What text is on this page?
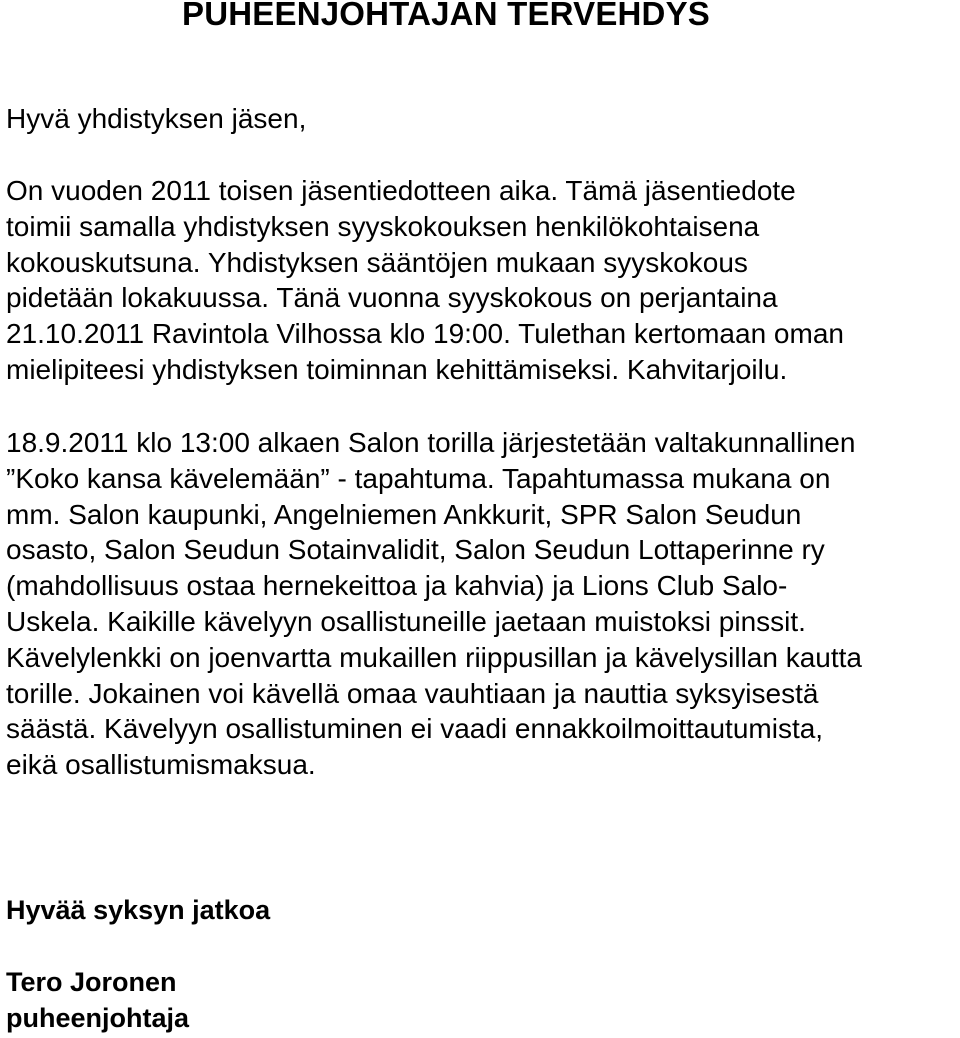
PUHEENJOHTAJAN TERVEHDYS

Hyvä yhdistyksen jäsen,

On vuoden 2011 toisen jäsentiedotteen aika. Tämä jäsentiedote
toimii samalla yhdistyksen syyskokouksen henkilökohtaisena
kokouskutsuna. Yhdistyksen sääntöjen mukaan syyskokous
pidetään lokakuussa. Tänä vuonna syyskokous on perjantaina
21.10.2011 Ravintola Vilhossa klo 19:00. Tulethan kertomaan oman
mielipiteesi yhdistyksen toiminnan kehittämiseksi. Kahvitarjoilu.
18.9.2011 klo 13:00 alkaen Salon torilla järjestetään valtakunnallinen
”Koko kansa kävelemään” - tapahtuma. Tapahtumassa mukana on
mm. Salon kaupunki, Angelniemen Ankkurit, SPR Salon Seudun
osasto, Salon Seudun Sotainvalidit, Salon Seudun Lottaperinne ry
(mahdollisuus ostaa hernekeittoa ja kahvia) ja Lions Club Salo-
Uskela. Kaikille kävelyyn osallistuneille jaetaan muistoksi pinssit.
Kävelylenkki on joenvartta mukaillen riippusillan ja kävelysillan kautta
torille. Jokainen voi kävellä omaa vauhtiaan ja nauttia syksyisestä
säästä. Kävelyyn osallistuminen ei vaadi ennakkoilmoittautumista,
eikä osallistumismaksua.

Hyvää syksyn jatkoa

Tero Joronen
puheenjohtaja
